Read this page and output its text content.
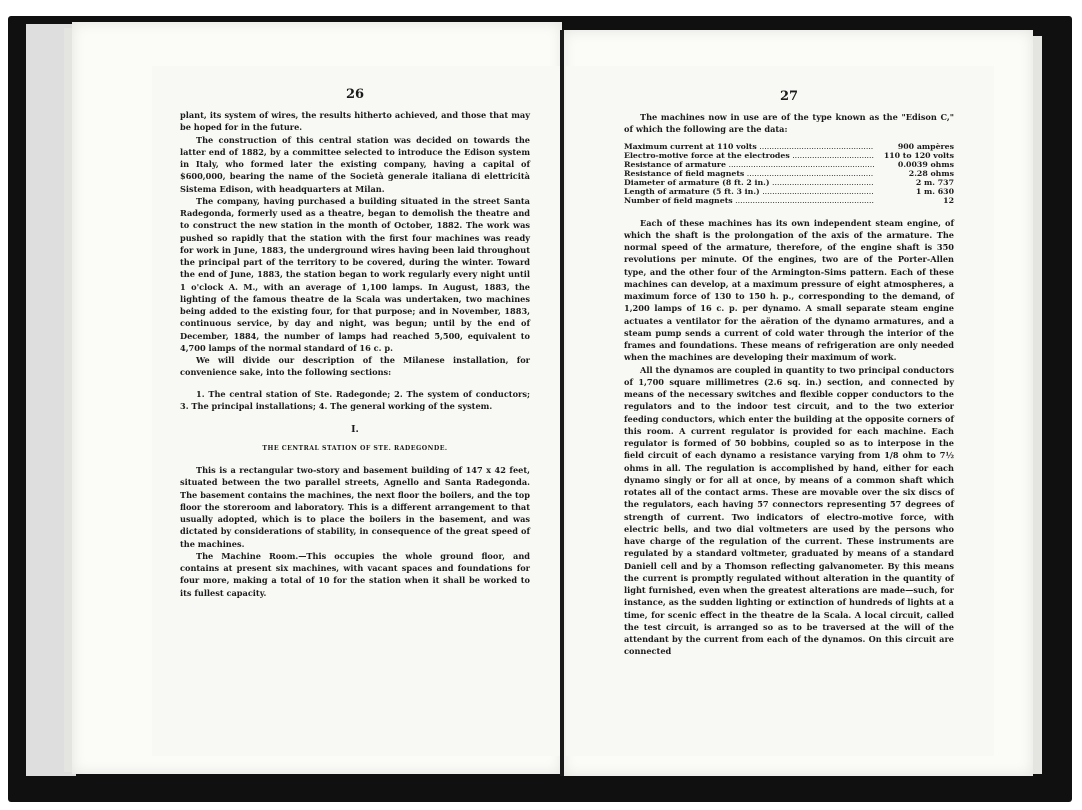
26

plant, its system of wires, the results hitherto achieved, and those that may be hoped for in the future.

The construction of this central station was decided on towards the latter end of 1882, by a committee selected to introduce the Edison system in Italy, who formed later the existing company, having a capital of $600,000, bearing the name of the Società generale italiana di elettricità Sistema Edison, with headquarters at Milan.

The company, having purchased a building situated in the street Santa Radegonda, formerly used as a theatre, began to demolish the theatre and to construct the new station in the month of October, 1882. The work was pushed so rapidly that the station with the first four machines was ready for work in June, 1883, the underground wires having been laid throughout the principal part of the territory to be covered, during the winter. Toward the end of June, 1883, the station began to work regularly every night until 1 o'clock A. M., with an average of 1,100 lamps. In August, 1883, the lighting of the famous theatre de la Scala was undertaken, two machines being added to the existing four, for that purpose; and in November, 1883, continuous service, by day and night, was begun; until by the end of December, 1884, the number of lamps had reached 5,500, equivalent to 4,700 lamps of the normal standard of 16 c. p.

We will divide our description of the Milanese installation, for convenience sake, into the following sections:

1. The central station of Ste. Radegonde; 2. The system of conductors; 3. The principal installations; 4. The general working of the system.

I.
THE CENTRAL STATION OF STE. RADEGONDE.

This is a rectangular two-story and basement building of 147 x 42 feet, situated between the two parallel streets, Agnello and Santa Radegonda. The basement contains the machines, the next floor the boilers, and the top floor the storeroom and laboratory. This is a different arrangement to that usually adopted, which is to place the boilers in the basement, and was dictated by considerations of stability, in consequence of the great speed of the machines.

The Machine Room.—This occupies the whole ground floor, and contains at present six machines, with vacant spaces and foundations for four more, making a total of 10 for the station when it shall be worked to its fullest capacity.

27

The machines now in use are of the type known as the "Edison C," of which the following are the data:

Maximum current at 110 volts .....	900 ampères

Electro-motive force at the electrodes .....	110 to 120 volts

Resistance of armature .....	0.0039 ohms

Resistance of field magnets .....	2.28 ohms

Diameter of armature (8 ft. 2 in.) .....	2 m. 737

Length of armature (5 ft. 3 in.) .....	1 m. 630

Number of field magnets .....	12

Each of these machines has its own independent steam engine, of which the shaft is the prolongation of the axis of the armature. The normal speed of the armature, therefore, of the engine shaft is 350 revolutions per minute. Of the engines, two are of the Porter-Allen type, and the other four of the Armington-Sims pattern. Each of these machines can develop, at a maximum pressure of eight atmospheres, a maximum force of 130 to 150 h. p., corresponding to the demand, of 1,200 lamps of 16 c. p. per dynamo. A small separate steam engine actuates a ventilator for the aëration of the dynamo armatures, and a steam pump sends a current of cold water through the interior of the frames and foundations. These means of refrigeration are only needed when the machines are developing their maximum of work.

All the dynamos are coupled in quantity to two principal conductors of 1,700 square millimetres (2.6 sq. in.) section, and connected by means of the necessary switches and flexible copper conductors to the regulators and to the indoor test circuit, and to the two exterior feeding conductors, which enter the building at the opposite corners of this room. A current regulator is provided for each machine. Each regulator is formed of 50 bobbins, coupled so as to interpose in the field circuit of each dynamo a resistance varying from 1/8 ohm to 7½ ohms in all. The regulation is accomplished by hand, either for each dynamo singly or for all at once, by means of a common shaft which rotates all of the contact arms. These are movable over the six discs of the regulators, each having 57 connectors representing 57 degrees of strength of current. Two indicators of electro-motive force, with electric bells, and two dial voltmeters are used by the persons who have charge of the regulation of the current. These instruments are regulated by a standard voltmeter, graduated by means of a standard Daniell cell and by a Thomson reflecting galvanometer. By this means the current is promptly regulated without alteration in the quantity of light furnished, even when the greatest alterations are made—such, for instance, as the sudden lighting or extinction of hundreds of lights at a time, for scenic effect in the theatre de la Scala. A local circuit, called the test circuit, is arranged so as to be traversed at the will of the attendant by the current from each of the dynamos. On this circuit are connected
